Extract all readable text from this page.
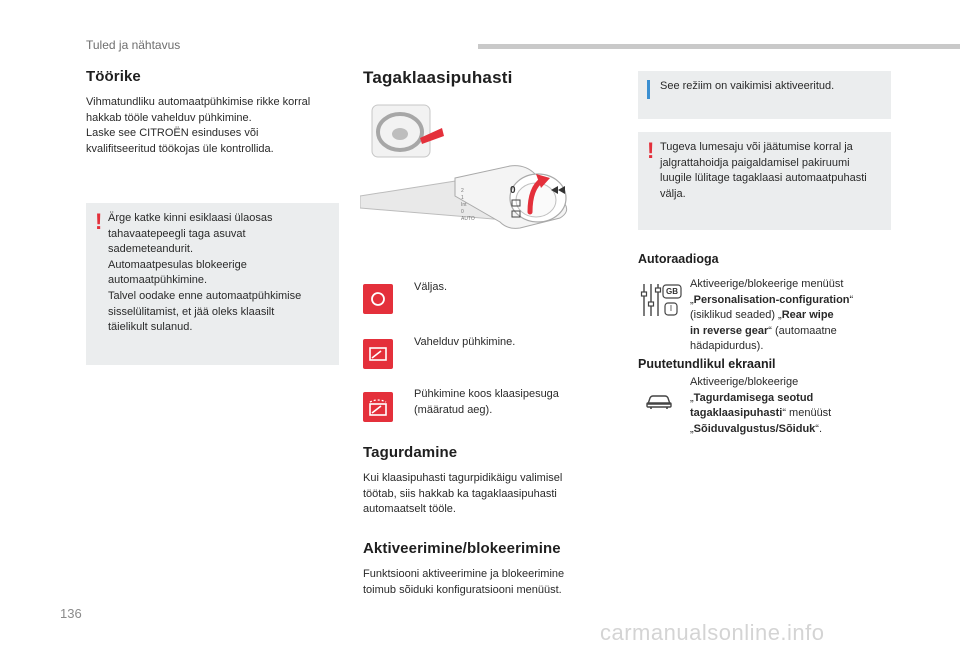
Tuled ja nähtavus
Töörike
Vihmatundliku automaatpühkimise rikke korral
hakkab tööle vahelduv pühkimine.
Laske see CITROËN esinduses või
kvalifitseeritud töökojas üle kontrollida.
! Ärge katke kinni esiklaasi ülaosas
tahavaatepeegli taga asuvat
sademeteandurit.
Automaatpesulas blokeerige
automaatpühkimine.
Talvel oodake enne automaatpühkimise
sisselülitamist, et jää oleks klaasilt
täielikult sulanud.
Tagaklaasipuhasti
0
2
1
Int
0
AUTO
Väljas.
Vahelduv pühkimine.
Pühkimine koos klaasipesuga
(määratud aeg).
Tagurdamine
Kui klaasipuhasti tagurpidikäigu valimisel
töötab, siis hakkab ka tagaklaasipuhasti
automaatselt tööle.
Aktiveerimine/blokeerimine
Funktsiooni aktiveerimine ja blokeerimine
toimub sõiduki konfiguratsiooni menüüst.
See režiim on vaikimisi aktiveeritud.
! Tugeva lumesaju või jäätumise korral ja
jalgrattahoidja paigaldamisel pakiruumi
luugile lülitage tagaklaasi automaatpuhasti
välja.
Autoraadioga
GB
I
Aktiveerige/blokeerige menüüst
„Personalisation-configuration“
(isiklikud seaded) „Rear wipe
in reverse gear“ (automaatne
hädapidurdus).
Puutetundlikul ekraanil
Aktiveerige/blokeerige
„Tagurdamisega seotud
tagaklaasipuhasti“ menüüst
„Sõiduvalgustus/Sõiduk“.
136
carmanualsonline.info
